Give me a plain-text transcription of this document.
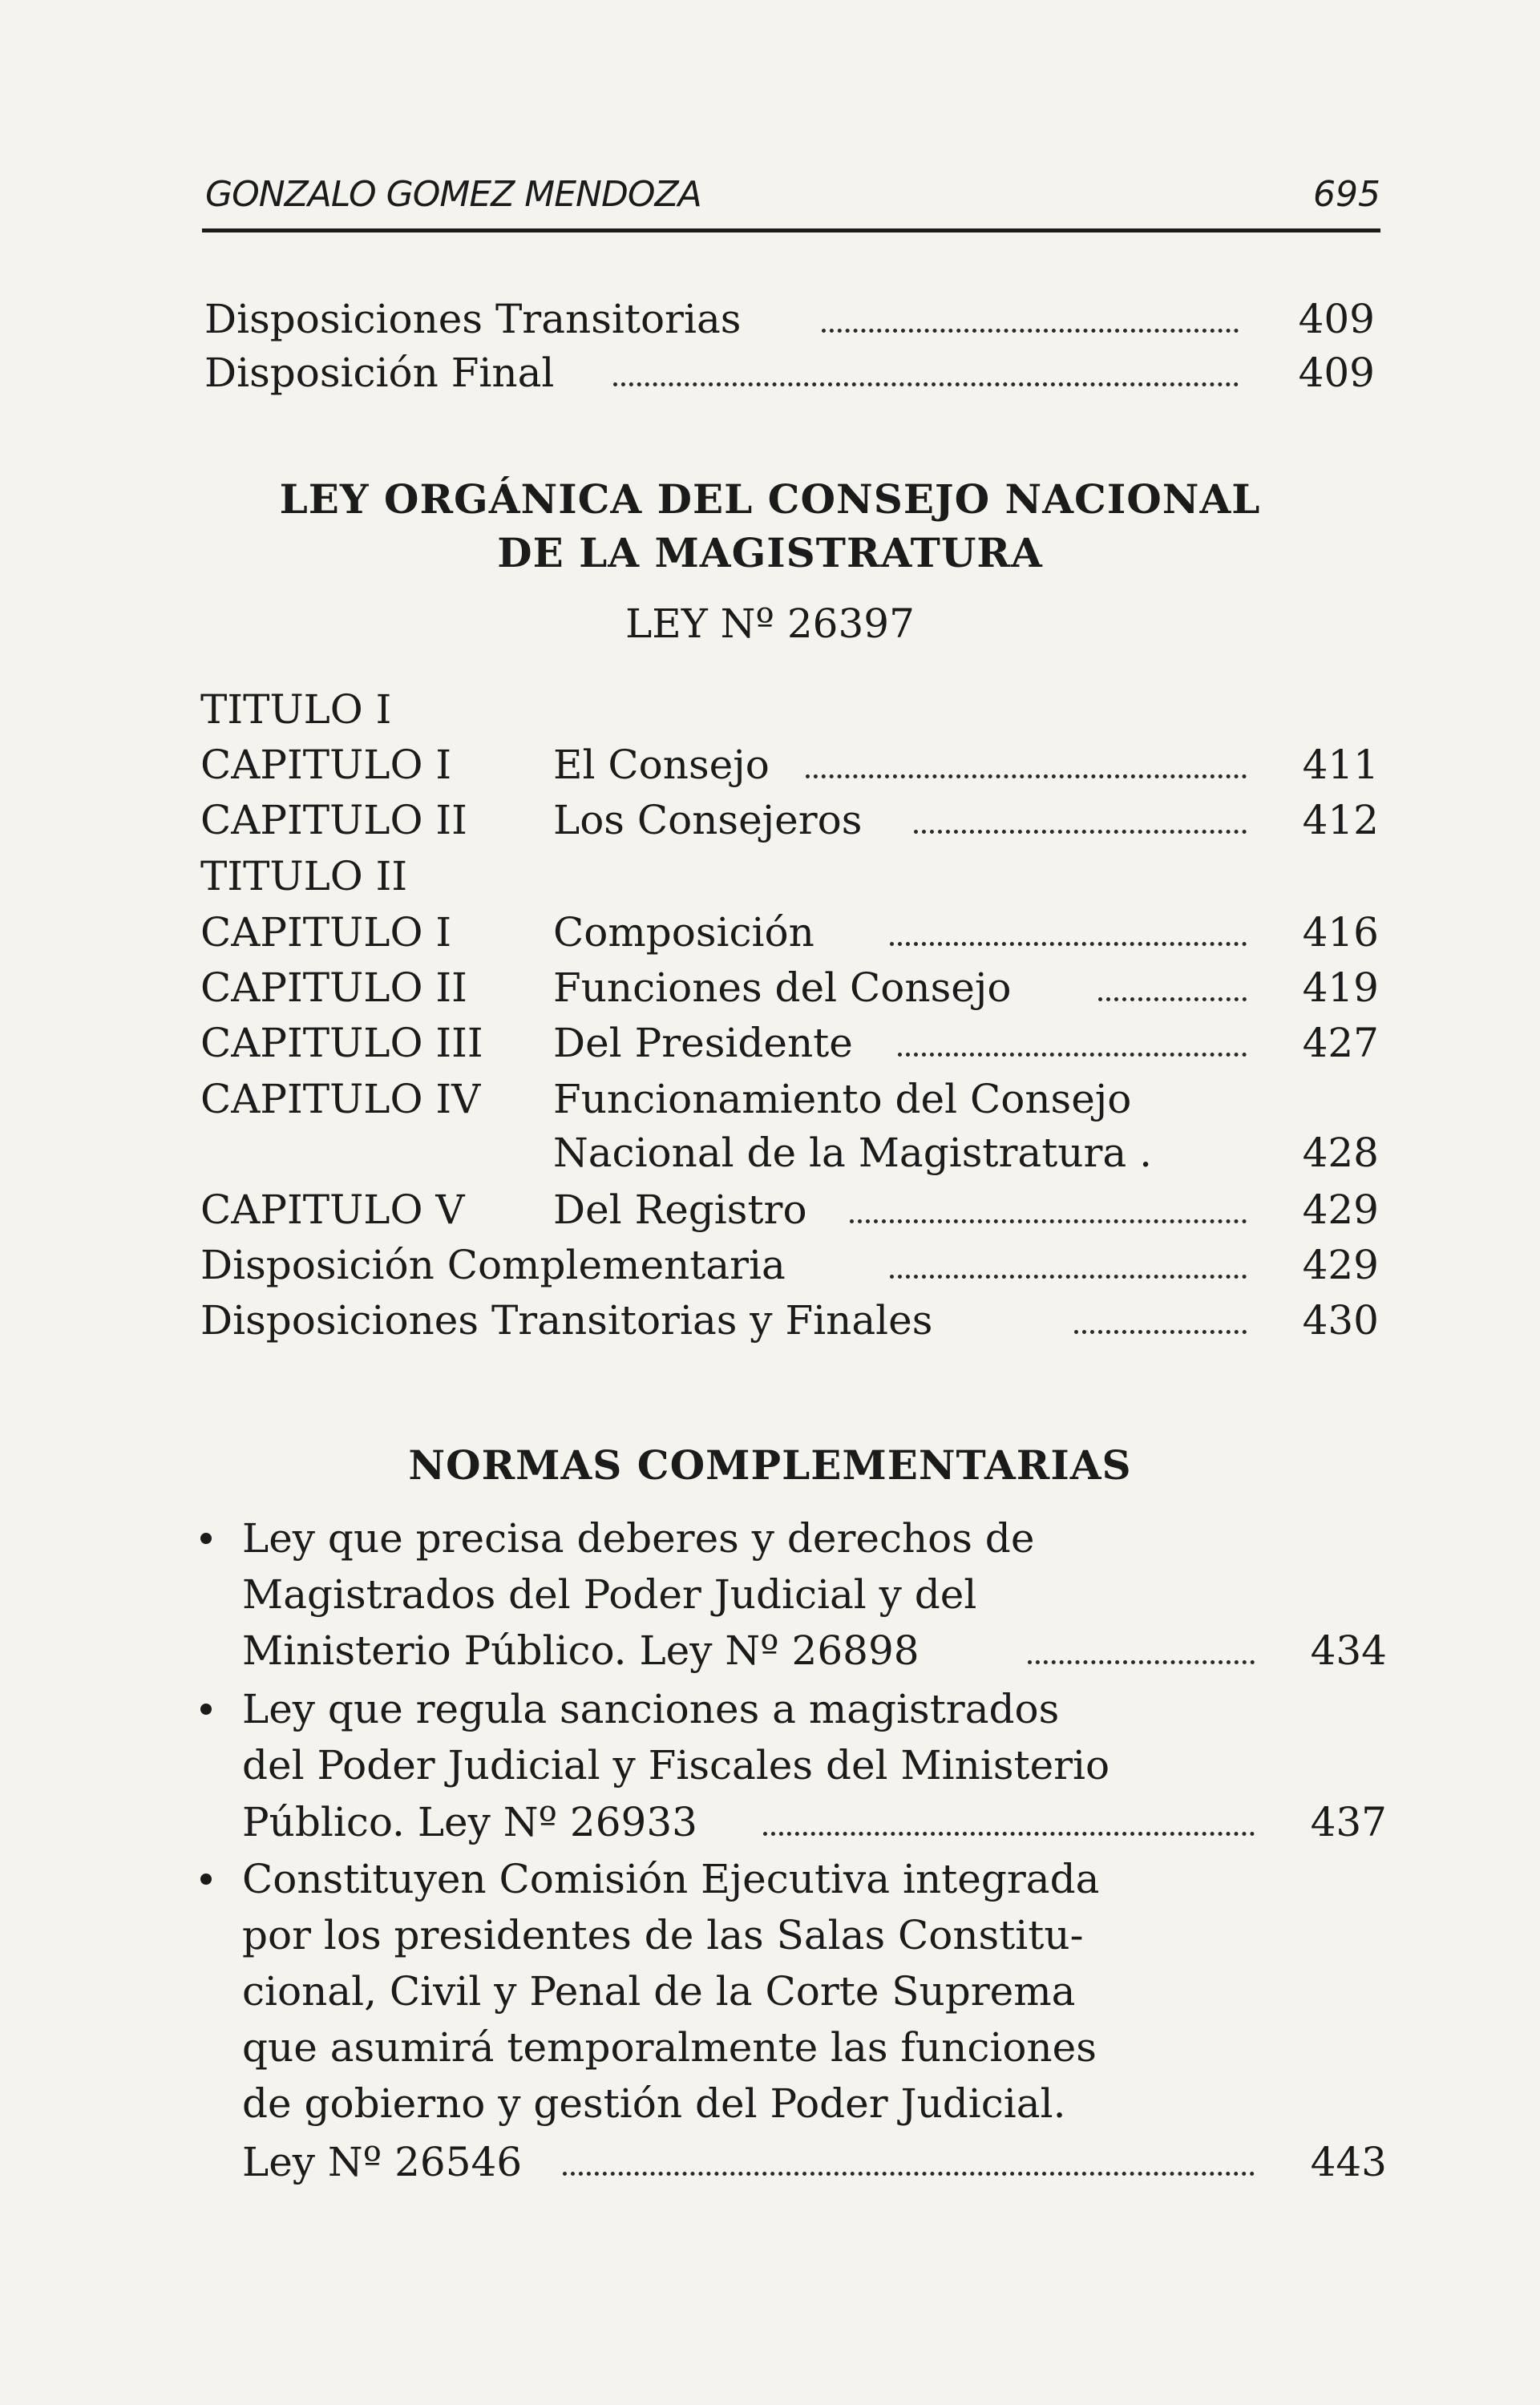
GONZALO GOMEZ MENDOZA	695
Disposiciones Transitorias	409
Disposición Final	409
LEY ORGÁNICA DEL CONSEJO NACIONAL
DE LA MAGISTRATURA
LEY Nº 26397
TITULO I
CAPITULO I	El Consejo	411
CAPITULO II Los Consejeros	412
TITULO II
CAPITULO I	Composición	416
CAPITULO II Funciones del Consejo	419
CAPITULO III Del Presidente	427
CAPITULO IV Funcionamiento del Consejo
Nacional de la Magistratura .	428
CAPITULO V Del Registro	429
Disposición Complementaria	429
Disposiciones Transitorias y Finales	430
NORMAS COMPLEMENTARIAS
Ley que precisa deberes y derechos de
Magistrados del Poder Judicial y del
Ministerio Público. Ley Nº 26898	434
Ley que regula sanciones a magistrados
del Poder Judicial y Fiscales del Ministerio
Público. Ley Nº 26933	437
Constituyen Comisión Ejecutiva integrada
por los presidentes de las Salas Constitu-
cional, Civil y Penal de la Corte Suprema
que asumirá temporalmente las funciones
de gobierno y gestión del Poder Judicial.
Ley Nº 26546	443
